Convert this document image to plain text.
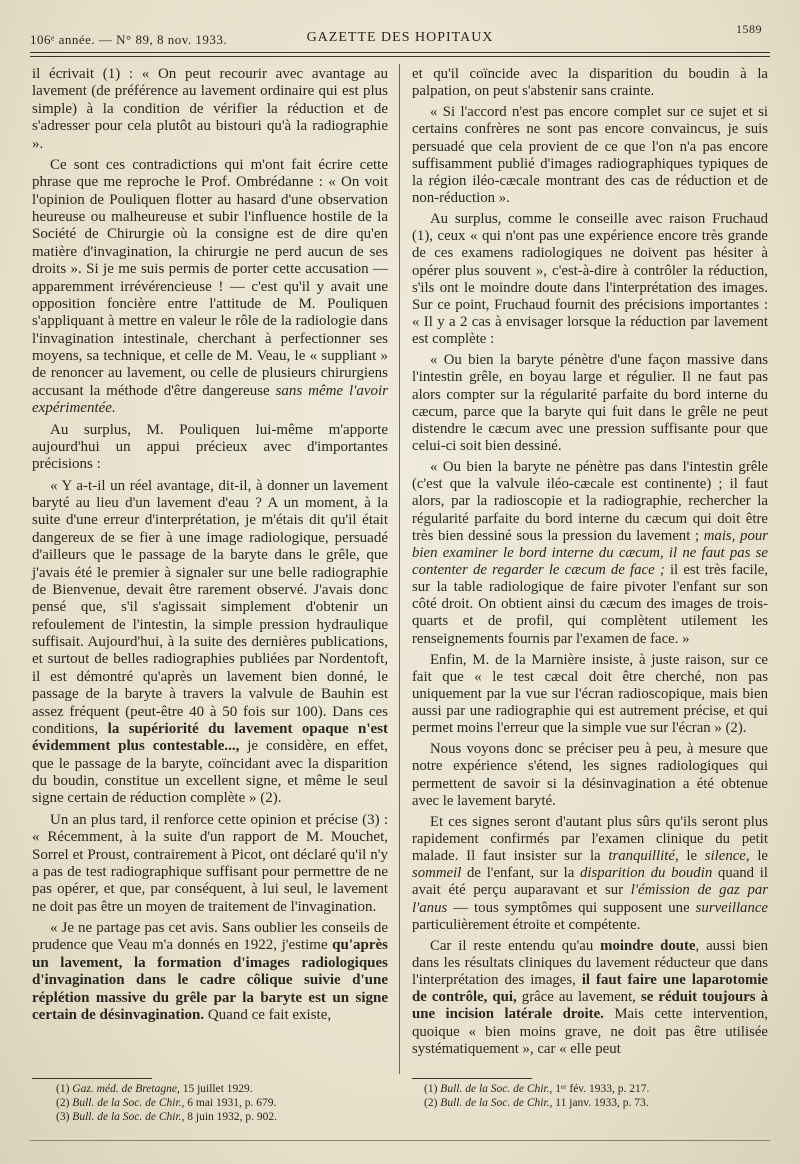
106ᵉ année. — N° 89, 8 nov. 1933.	GAZETTE DES HOPITAUX
1589

il écrivait (1) : « On peut recourir avec avantage au lavement (de préférence au lavement ordinaire qui est plus simple) à la condition de vérifier la réduction et de s'adresser pour cela plutôt au bistouri qu'à la radiographie ».

Ce sont ces contradictions qui m'ont fait écrire cette phrase que me reproche le Prof. Ombrédanne : « On voit l'opinion de Pouliquen flotter au hasard d'une observation heureuse ou malheureuse et subir l'influence hostile de la Société de Chirurgie où la consigne est de dire qu'en matière d'invagination, la chirurgie ne perd aucun de ses droits ». Si je me suis permis de porter cette accusation — apparemment irrévérencieuse ! — c'est qu'il y avait une opposition foncière entre l'attitude de M. Pouliquen s'appliquant à mettre en valeur le rôle de la radiologie dans l'invagination intestinale, cherchant à perfectionner ses moyens, sa technique, et celle de M. Veau, le « suppliant » de renoncer au lavement, ou celle de plusieurs chirurgiens accusant la méthode d'être dangereuse sans même l'avoir expérimentée.

Au surplus, M. Pouliquen lui-même m'apporte aujourd'hui un appui précieux avec d'importantes précisions :

« Y a-t-il un réel avantage, dit-il, à donner un lavement baryté au lieu d'un lavement d'eau ? A un moment, à la suite d'une erreur d'interprétation, je m'étais dit qu'il était dangereux de se fier à une image radiologique, persuadé d'ailleurs que le passage de la baryte dans le grêle, que j'avais été le premier à signaler sur une belle radiographie de Bienvenue, devait être rarement observé. J'avais donc pensé que, s'il s'agissait simplement d'obtenir un refoulement de l'intestin, la simple pression hydraulique suffisait. Aujourd'hui, à la suite des dernières publications, et surtout de belles radiographies publiées par Nordentoft, il est démontré qu'après un lavement bien donné, le passage de la baryte à travers la valvule de Bauhin est assez fréquent (peut-être 40 à 50 fois sur 100). Dans ces conditions, la supériorité du lavement opaque n'est évidemment plus contestable..., je considère, en effet, que le passage de la baryte, coïncidant avec la disparition du boudin, constitue un excellent signe, et même le seul signe certain de réduction complète » (2).

Un an plus tard, il renforce cette opinion et précise (3) : « Récemment, à la suite d'un rapport de M. Mouchet, Sorrel et Proust, contrairement à Picot, ont déclaré qu'il n'y a pas de test radiographique suffisant pour permettre de ne pas opérer, et que, par conséquent, à lui seul, le lavement ne doit pas être un moyen de traitement de l'invagination.

« Je ne partage pas cet avis. Sans oublier les conseils de prudence que Veau m'a donnés en 1922, j'estime qu'après un lavement, la formation d'images radiologiques d'invagination dans le cadre côlique suivie d'une réplétion massive du grêle par la baryte est un signe certain de désinvagination. Quand ce fait existe,

et qu'il coïncide avec la disparition du boudin à la palpation, on peut s'abstenir sans crainte.

« Si l'accord n'est pas encore complet sur ce sujet et si certains confrères ne sont pas encore convaincus, je suis persuadé que cela provient de ce que l'on n'a pas encore suffisamment publié d'images radiographiques typiques de la région iléo-cæcale montrant des cas de réduction et de non-réduction ».

Au surplus, comme le conseille avec raison Fruchaud (1), ceux « qui n'ont pas une expérience encore très grande de ces examens radiologiques ne doivent pas hésiter à opérer plus souvent », c'est-à-dire à contrôler la réduction, s'ils ont le moindre doute dans l'interprétation des images. Sur ce point, Fruchaud fournit des précisions importantes : « Il y a 2 cas à envisager lorsque la réduction par lavement est complète :

« Ou bien la baryte pénètre d'une façon massive dans l'intestin grêle, en boyau large et régulier. Il ne faut pas alors compter sur la régularité parfaite du bord interne du cæcum, parce que la baryte qui fuit dans le grêle ne peut distendre le cæcum avec une pression suffisante pour que celui-ci soit bien dessiné.

« Ou bien la baryte ne pénètre pas dans l'intestin grêle (c'est que la valvule iléo-cæcale est continente) ; il faut alors, par la radioscopie et la radiographie, rechercher la régularité parfaite du bord interne du cæcum qui doit être très bien dessiné sous la pression du lavement ; mais, pour bien examiner le bord interne du cæcum, il ne faut pas se contenter de regarder le cæcum de face ; il est très facile, sur la table radiologique de faire pivoter l'enfant sur son côté droit. On obtient ainsi du cæcum des images de trois-quarts et de profil, qui complètent utilement les renseignements fournis par l'examen de face. »

Enfin, M. de la Marnière insiste, à juste raison, sur ce fait que « le test cæcal doit être cherché, non pas uniquement par la vue sur l'écran radioscopique, mais bien aussi par une radiographie qui est autrement précise, et qui permet moins l'erreur que la simple vue sur l'écran » (2).

Nous voyons donc se préciser peu à peu, à mesure que notre expérience s'étend, les signes radiologiques qui permettent de savoir si la désinvagination a été obtenue avec le lavement baryté.

Et ces signes seront d'autant plus sûrs qu'ils seront plus rapidement confirmés par l'examen clinique du petit malade. Il faut insister sur la tranquillité, le silence, le sommeil de l'enfant, sur la disparition du boudin quand il avait été perçu auparavant et sur l'émission de gaz par l'anus — tous symptômes qui supposent une surveillance particulièrement étroite et compétente.

Car il reste entendu qu'au moindre doute, aussi bien dans les résultats cliniques du lavement réducteur que dans l'interprétation des images, il faut faire une laparotomie de contrôle, qui, grâce au lavement, se réduit toujours à une incision latérale droite. Mais cette intervention, quoique « bien moins grave, ne doit pas être utilisée systématiquement », car « elle peut

(1) Gaz. méd. de Bretagne, 15 juillet 1929.
(2) Bull. de la Soc. de Chir., 6 mai 1931, p. 679.
(3) Bull. de la Soc. de Chir., 8 juin 1932, p. 902.
(1) Bull. de la Soc. de Chir., 1ᵉʳ fév. 1933, p. 217.
(2) Bull. de la Soc. de Chir., 11 janv. 1933, p. 73.
